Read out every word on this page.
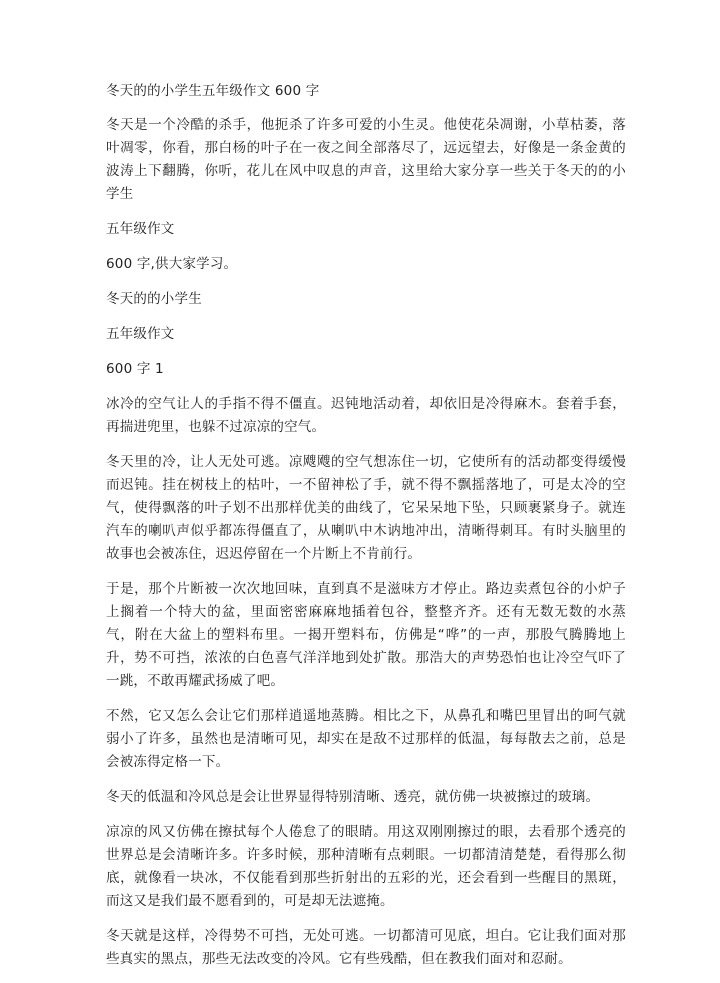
冬天的的小学生五年级作文 600 字

冬天是一个冷酷的杀手，他扼杀了许多可爱的小生灵。他使花朵凋谢，小草枯萎，落叶凋零，你看，那白杨的叶子在一夜之间全部落尽了，远远望去，好像是一条金黄的波涛上下翻腾，你听，花儿在风中叹息的声音，这里给大家分享一些关于冬天的的小学生

五年级作文

600 字,供大家学习。

冬天的的小学生

五年级作文

600 字 1

冰冷的空气让人的手指不得不僵直。迟钝地活动着，却依旧是冷得麻木。套着手套，再揣进兜里，也躲不过凉凉的空气。

冬天里的冷，让人无处可逃。凉飕飕的空气想冻住一切，它使所有的活动都变得缓慢而迟钝。挂在树枝上的枯叶，一不留神松了手，就不得不飘摇落地了，可是太冷的空气，使得飘落的叶子划不出那样优美的曲线了，它呆呆地下坠，只顾裹紧身子。就连汽车的喇叭声似乎都冻得僵直了，从喇叭中木讷地冲出，清晰得刺耳。有时头脑里的故事也会被冻住，迟迟停留在一个片断上不肯前行。

于是，那个片断被一次次地回味，直到真不是滋味方才停止。路边卖煮包谷的小炉子上搁着一个特大的盆，里面密密麻麻地插着包谷，整整齐齐。还有无数无数的水蒸气，附在大盆上的塑料布里。一揭开塑料布，仿佛是“哗”的一声，那股气腾腾地上升，势不可挡，浓浓的白色喜气洋洋地到处扩散。那浩大的声势恐怕也让冷空气吓了一跳，不敢再耀武扬威了吧。

不然，它又怎么会让它们那样逍遥地蒸腾。相比之下，从鼻孔和嘴巴里冒出的呵气就弱小了许多，虽然也是清晰可见，却实在是敌不过那样的低温，每每散去之前，总是会被冻得定格一下。

冬天的低温和冷风总是会让世界显得特别清晰、透亮，就仿佛一块被擦过的玻璃。

凉凉的风又仿佛在擦拭每个人倦怠了的眼睛。用这双刚刚擦过的眼，去看那个透亮的世界总是会清晰许多。许多时候，那种清晰有点刺眼。一切都清清楚楚，看得那么彻底，就像看一块冰，不仅能看到那些折射出的五彩的光，还会看到一些醒目的黑斑，而这又是我们最不愿看到的，可是却无法遮掩。

冬天就是这样，冷得势不可挡，无处可逃。一切都清可见底，坦白。它让我们面对那些真实的黑点，那些无法改变的冷风。它有些残酷，但在教我们面对和忍耐。
